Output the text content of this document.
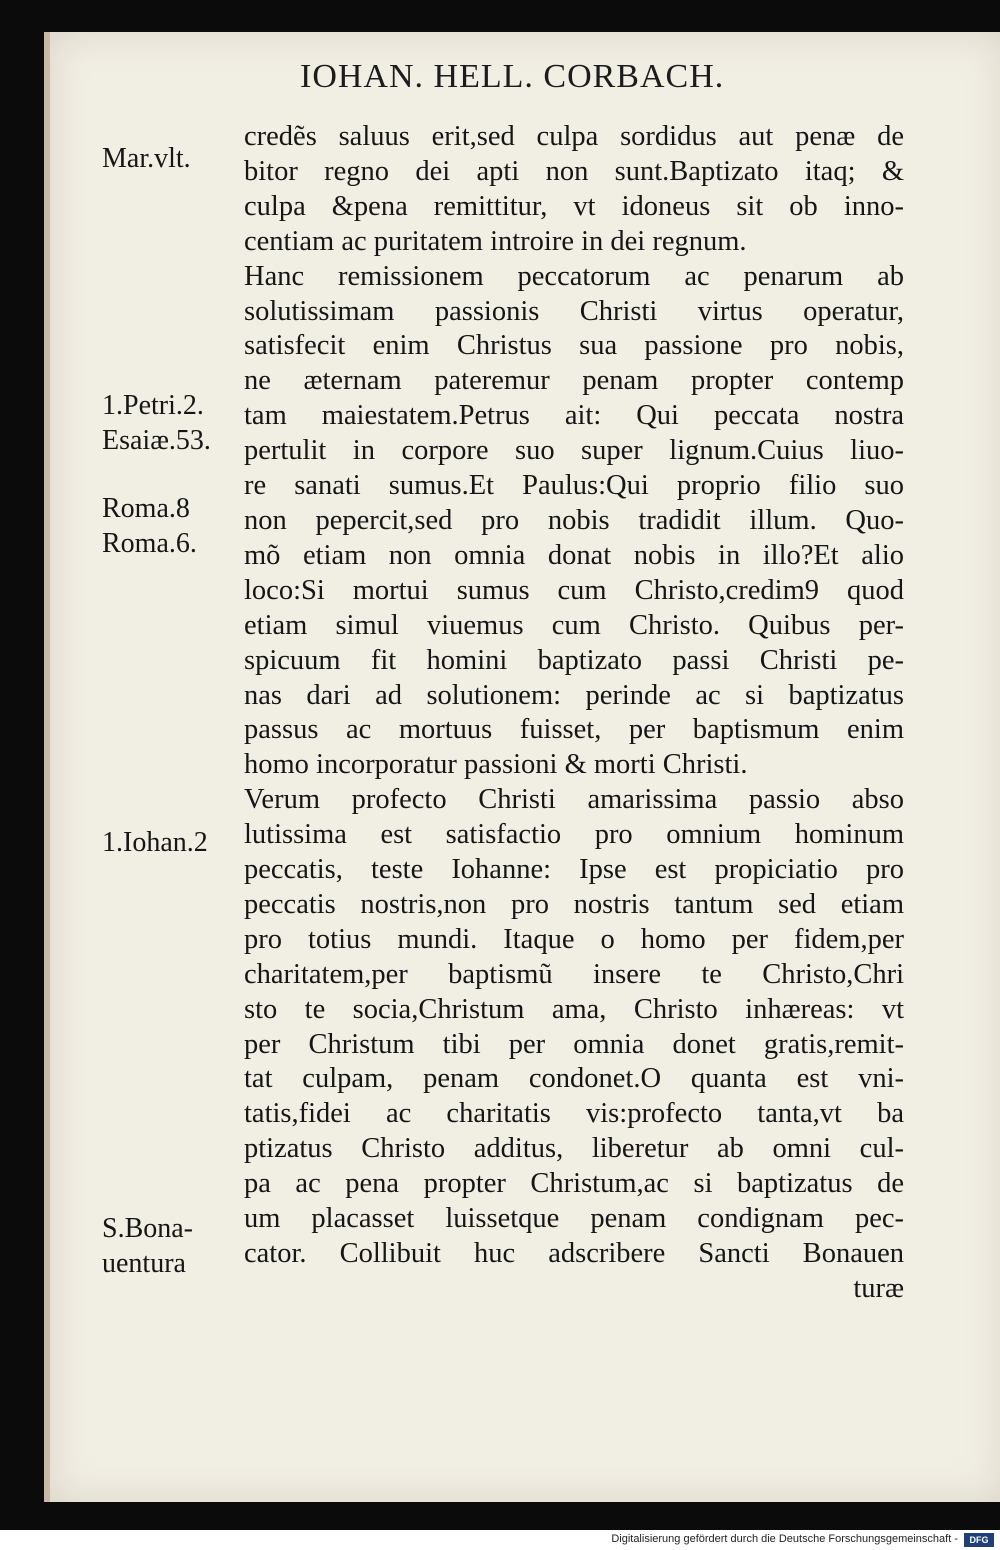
IOHAN. HELL. CORBACH.
Mar.vlt.
1.Petri.2.
Esaiæ.53.
Roma.8
Roma.6.
1.Iohan.2
S.Bona-
uentura
credẽs saluus erit,sed culpa sordidus aut penæ de
bitor regno dei apti non sunt.Baptizato itaq; &
culpa &pena remittitur, vt idoneus sit ob inno-
centiam ac puritatem introire in dei regnum.
Hanc remissionem peccatorum ac penarum ab
solutissimam passionis Christi virtus operatur,
satisfecit enim Christus sua passione pro nobis,
ne æternam pateremur penam propter contemp
tam maiestatem.Petrus ait: Qui peccata nostra
pertulit in corpore suo super lignum.Cuius liuo-
re sanati sumus.Et Paulus:Qui proprio filio suo
non pepercit,sed pro nobis tradidit illum. Quo-
mõ etiam non omnia donat nobis in illo?Et alio
loco:Si mortui sumus cum Christo,credim9 quod
etiam simul viuemus cum Christo. Quibus per-
spicuum fit homini baptizato passi Christi pe-
nas dari ad solutionem: perinde ac si baptizatus
passus ac mortuus fuisset, per baptismum enim
homo incorporatur passioni & morti Christi.
Verum profecto Christi amarissima passio abso
lutissima est satisfactio pro omnium hominum
peccatis, teste Iohanne: Ipse est propiciatio pro
peccatis nostris,non pro nostris tantum sed etiam
pro totius mundi. Itaque o homo per fidem,per
charitatem,per baptismũ insere te Christo,Chri
sto te socia,Christum ama, Christo inhæreas: vt
per Christum tibi per omnia donet gratis,remit-
tat culpam, penam condonet.O quanta est vni-
tatis,fidei ac charitatis vis:profecto tanta,vt ba
ptizatus Christo additus, liberetur ab omni cul-
pa ac pena propter Christum,ac si baptizatus de
um placasset luissetque penam condignam pec-
cator. Collibuit huc adscribere Sancti Bonauen
turæ
Digitalisierung gefördert durch die Deutsche Forschungsgemeinschaft -	DFG
